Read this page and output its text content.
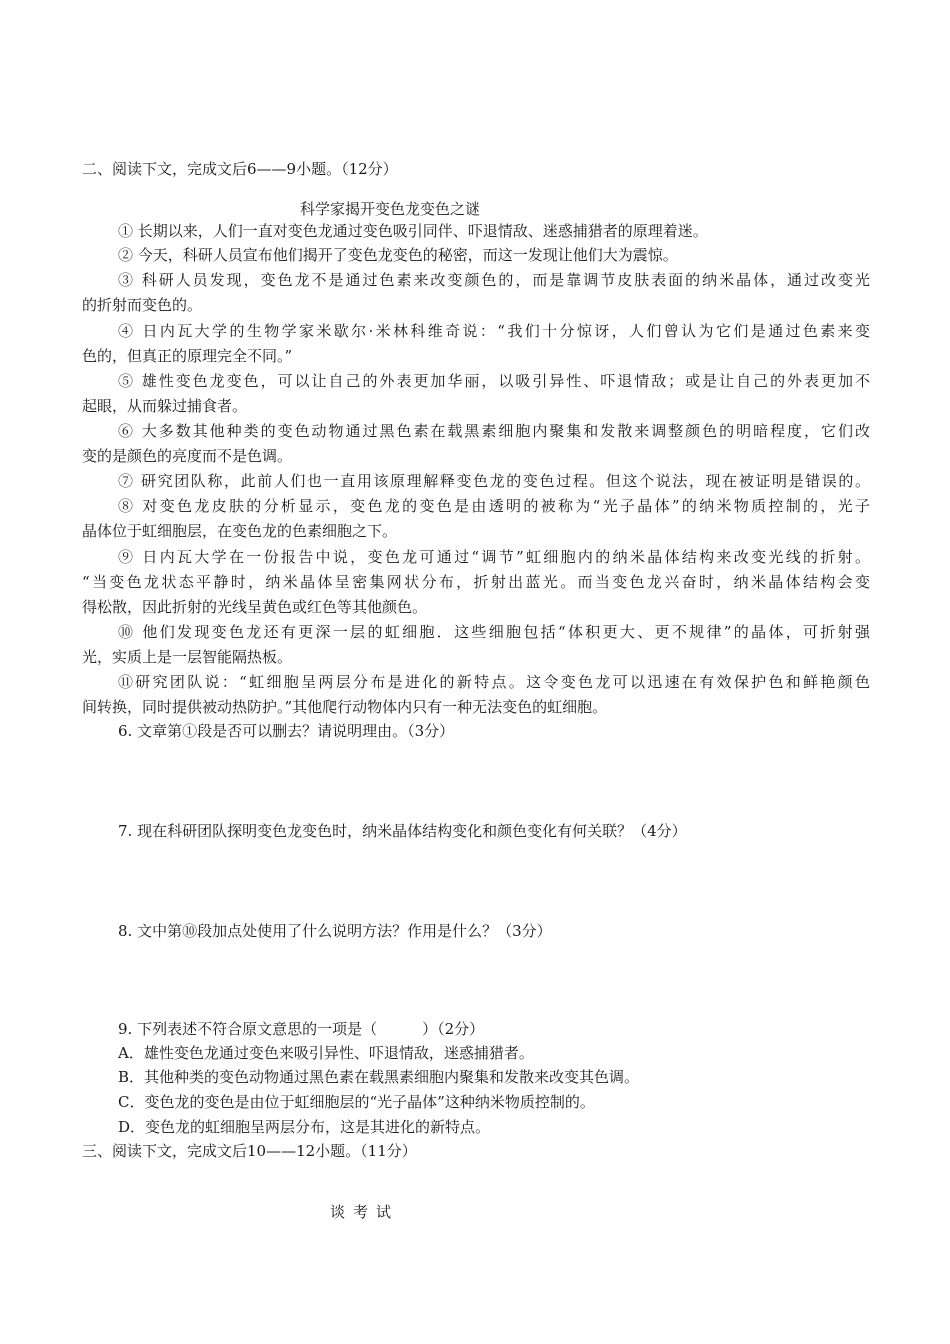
二、阅读下文，完成文后6——9小题。（12分）
科学家揭开变色龙变色之谜
① 长期以来，人们一直对变色龙通过变色吸引同伴、吓退情敌、迷惑捕猎者的原理着迷。
② 今天，科研人员宣布他们揭开了变色龙变色的秘密，而这一发现让他们大为震惊。
③ 科研人员发现，变色龙不是通过色素来改变颜色的，而是靠调节皮肤表面的纳米晶体，通过改变光
的折射而变色的。
④ 日内瓦大学的生物学家米歇尔·米林科维奇说：“我们十分惊讶，人们曾认为它们是通过色素来变
色的，但真正的原理完全不同。”
⑤ 雄性变色龙变色，可以让自己的外表更加华丽，以吸引异性、吓退情敌；或是让自己的外表更加不
起眼，从而躲过捕食者。
⑥ 大多数其他种类的变色动物通过黑色素在载黑素细胞内聚集和发散来调整颜色的明暗程度，它们改
变的是颜色的亮度而不是色调。
⑦ 研究团队称，此前人们也一直用该原理解释变色龙的变色过程。但这个说法，现在被证明是错误的。
⑧ 对变色龙皮肤的分析显示，变色龙的变色是由透明的被称为“光子晶体”的纳米物质控制的，光子
晶体位于虹细胞层，在变色龙的色素细胞之下。
⑨ 日内瓦大学在一份报告中说，变色龙可通过“调节”虹细胞内的纳米晶体结构来改变光线的折射。
“当变色龙状态平静时，纳米晶体呈密集网状分布，折射出蓝光。而当变色龙兴奋时，纳米晶体结构会变
得松散，因此折射的光线呈黄色或红色等其他颜色。
⑩ 他们发现变色龙还有更深一层的虹细胞．这些细胞包括“体积更大、更不规律”的晶体，可折射强
光，实质上是一层智能隔热板。
⑪研究团队说：“虹细胞呈两层分布是进化的新特点。这令变色龙可以迅速在有效保护色和鲜艳颜色
间转换，同时提供被动热防护。”其他爬行动物体内只有一种无法变色的虹细胞。
6. 文章第①段是否可以删去？请说明理由。（3分）
7. 现在科研团队探明变色龙变色时，纳米晶体结构变化和颜色变化有何关联？（4分）
8. 文中第⑩段加点处使用了什么说明方法？作用是什么？（3分）
9. 下列表述不符合原文意思的一项是（　　　）（2分）
A．雄性变色龙通过变色来吸引异性、吓退情敌，迷惑捕猎者。
B．其他种类的变色动物通过黑色素在载黑素细胞内聚集和发散来改变其色调。
C．变色龙的变色是由位于虹细胞层的“光子晶体”这种纳米物质控制的。
D．变色龙的虹细胞呈两层分布，这是其进化的新特点。
三、阅读下文，完成文后10——12小题。（11分）
谈考试
